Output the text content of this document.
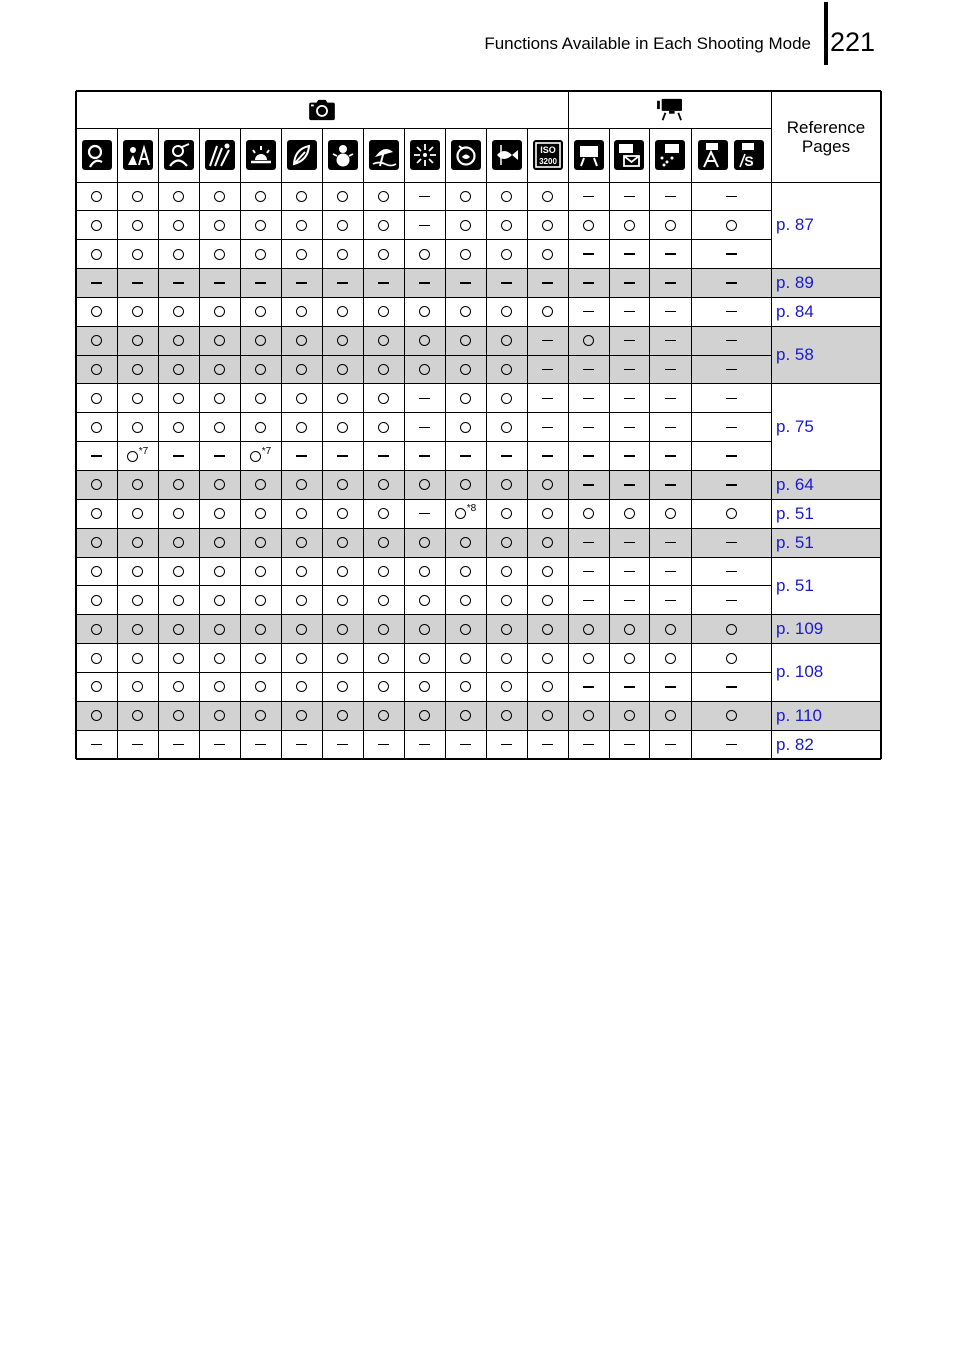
Functions Available in Each Shooting Mode 221
*7	*7
*8
p. 87
p. 89
p. 84
p. 58
p. 75
p. 64
p. 51
p. 51
p. 51
p. 109
p. 108
p. 110
p. 82
Reference
Pages
ISO
3200	S
